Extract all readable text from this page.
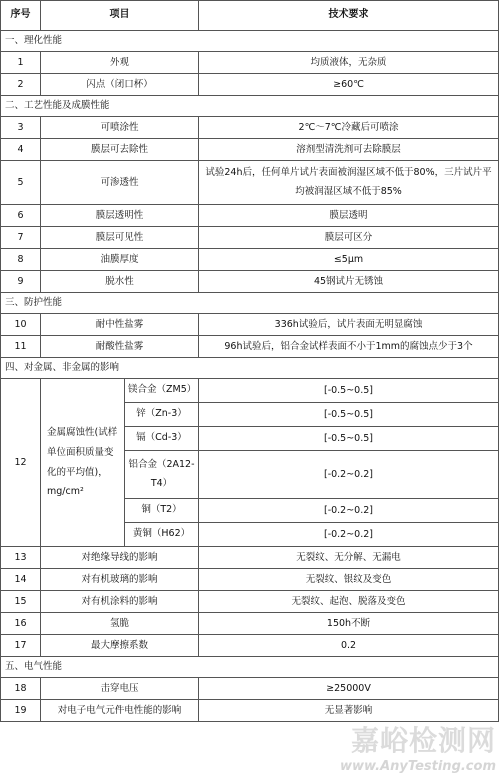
序号	项目		技术要求
一、理化性能			
1	外观		均质液体，无杂质
2	闪点（闭口杯）		≥60℃
二、工艺性能及成膜性能			
3	可喷涂性		2℃～7℃冷藏后可喷涂
4	膜层可去除性		溶剂型清洗剂可去除膜层
5	可渗透性		试验24h后，任何单片试片表面被润湿区域不低于80%，三片试片平均被润湿区域不低于85%
6	膜层透明性		膜层透明
7	膜层可见性		膜层可区分
8	油膜厚度		≤5μm
9	脱水性		45钢试片无锈蚀
三、防护性能			
10	耐中性盐雾		336h试验后，试片表面无明显腐蚀
11	耐酸性盐雾		96h试验后，铝合金试样表面不小于1mm的腐蚀点少于3个
四、对金属、非金属的影响			
12	金属腐蚀性(试样单位面积质量变化的平均值)，mg/cm²	镁合金（ZM5）	[-0.5~0.5]
		锌（Zn-3）	[-0.5~0.5]
		镉（Cd-3）	[-0.5~0.5]
		铝合金（2A12-T4）	[-0.2~0.2]
		铜（T2）	[-0.2~0.2]
		黄铜（H62）	[-0.2~0.2]
13	对绝缘导线的影响		无裂纹、无分解、无漏电
14	对有机玻璃的影响		无裂纹、银纹及变色
15	对有机涂料的影响		无裂纹、起泡、脱落及变色
16	氢脆		150h不断
17	最大摩擦系数		0.2
五、电气性能			
18	击穿电压		≥25000V
19	对电子电气元件电性能的影响		无显著影响
嘉峪检测网
www.AnyTesting.com
